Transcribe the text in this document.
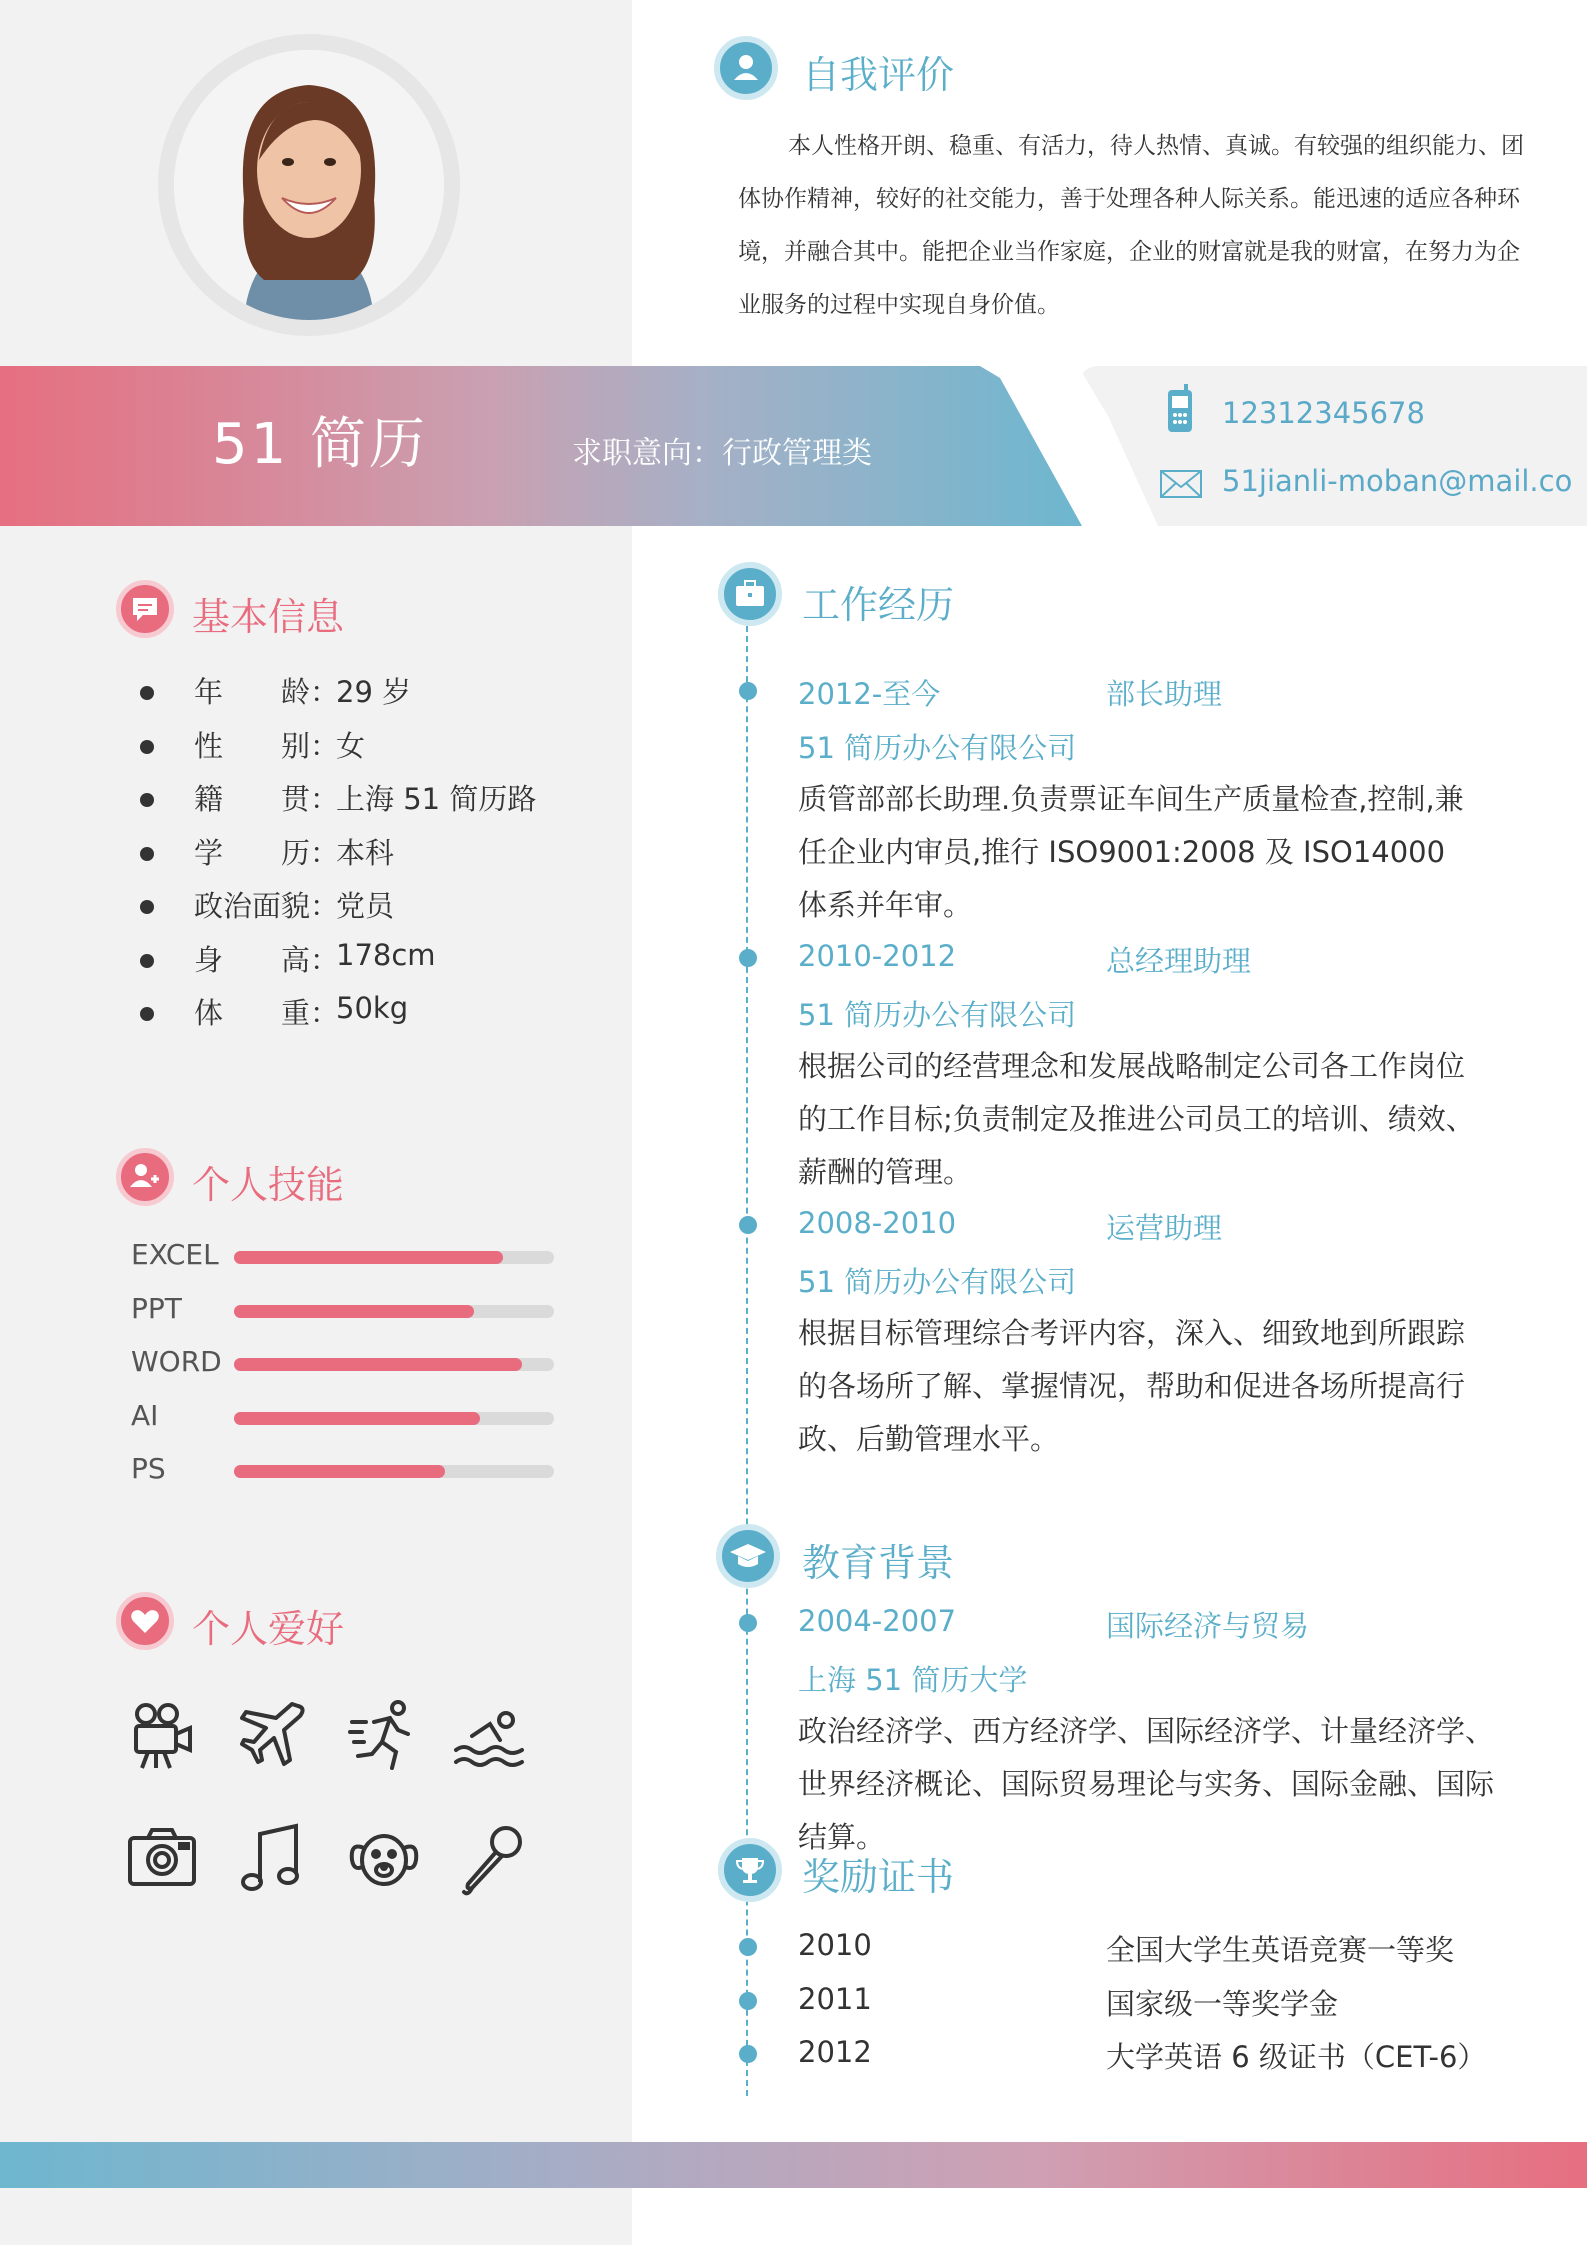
自我评价
本人性格开朗、稳重、有活力，待人热情、真诚。有较强的组织能力、团体协作精神，较好的社交能力，善于处理各种人际关系。能迅速的适应各种环境，并融合其中。能把企业当作家庭，企业的财富就是我的财富，在努力为企业服务的过程中实现自身价值。
51 简历	求职意向：行政管理类
12312345678
51jianli-moban@mail.co
基本信息
年　　龄：
29 岁
性　　别：
女
籍　　贯：
上海 51 简历路
学　　历：
本科
政治面貌：
党员
身　　高：
178cm
体　　重：
50kg
个人技能
EXCEL
PPT
WORD
AI
PS
个人爱好
工作经历
2012-至今	部长助理
51 简历办公有限公司
质管部部长助理.负责票证车间生产质量检查,控制,兼任企业内审员,推行 ISO9001:2008 及 ISO14000 体系并年审。
2010-2012	总经理助理
51 简历办公有限公司
根据公司的经营理念和发展战略制定公司各工作岗位的工作目标;负责制定及推进公司员工的培训、绩效、薪酬的管理。
2008-2010	运营助理
51 简历办公有限公司
根据目标管理综合考评内容，深入、细致地到所跟踪的各场所了解、掌握情况，帮助和促进各场所提高行政、后勤管理水平。
教育背景
2004-2007	国际经济与贸易
上海 51 简历大学
政治经济学、西方经济学、国际经济学、计量经济学、世界经济概论、国际贸易理论与实务、国际金融、国际结算。
奖励证书
2010	全国大学生英语竞赛一等奖
2011	国家级一等奖学金
2012	大学英语 6 级证书（CET-6）
